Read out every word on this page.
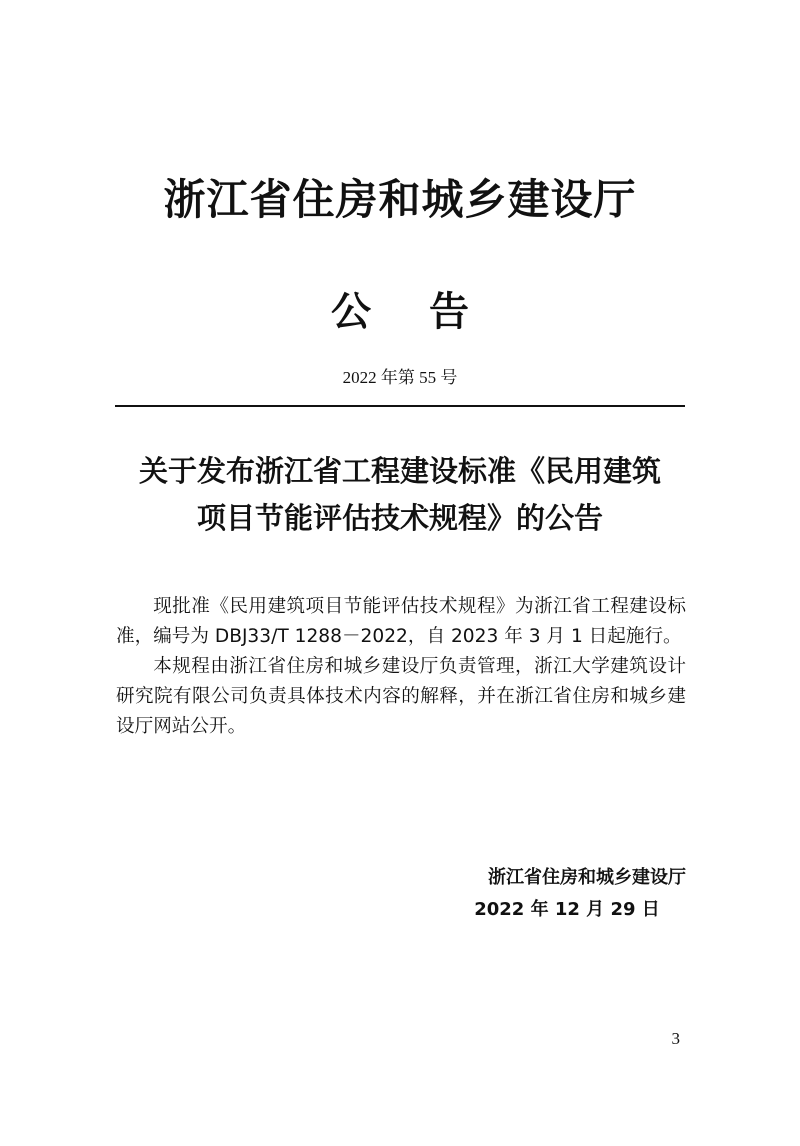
浙江省住房和城乡建设厅
公 告
2022 年第 55 号
关于发布浙江省工程建设标准《民用建筑
项目节能评估技术规程》的公告

现批准《民用建筑项目节能评估技术规程》为浙江省工程建设标准，编号为 DBJ33/T 1288－2022，自 2023 年 3 月 1 日起施行。

本规程由浙江省住房和城乡建设厅负责管理，浙江大学建筑设计研究院有限公司负责具体技术内容的解释，并在浙江省住房和城乡建设厅网站公开。

浙江省住房和城乡建设厅
2022 年 12 月 29 日
3
